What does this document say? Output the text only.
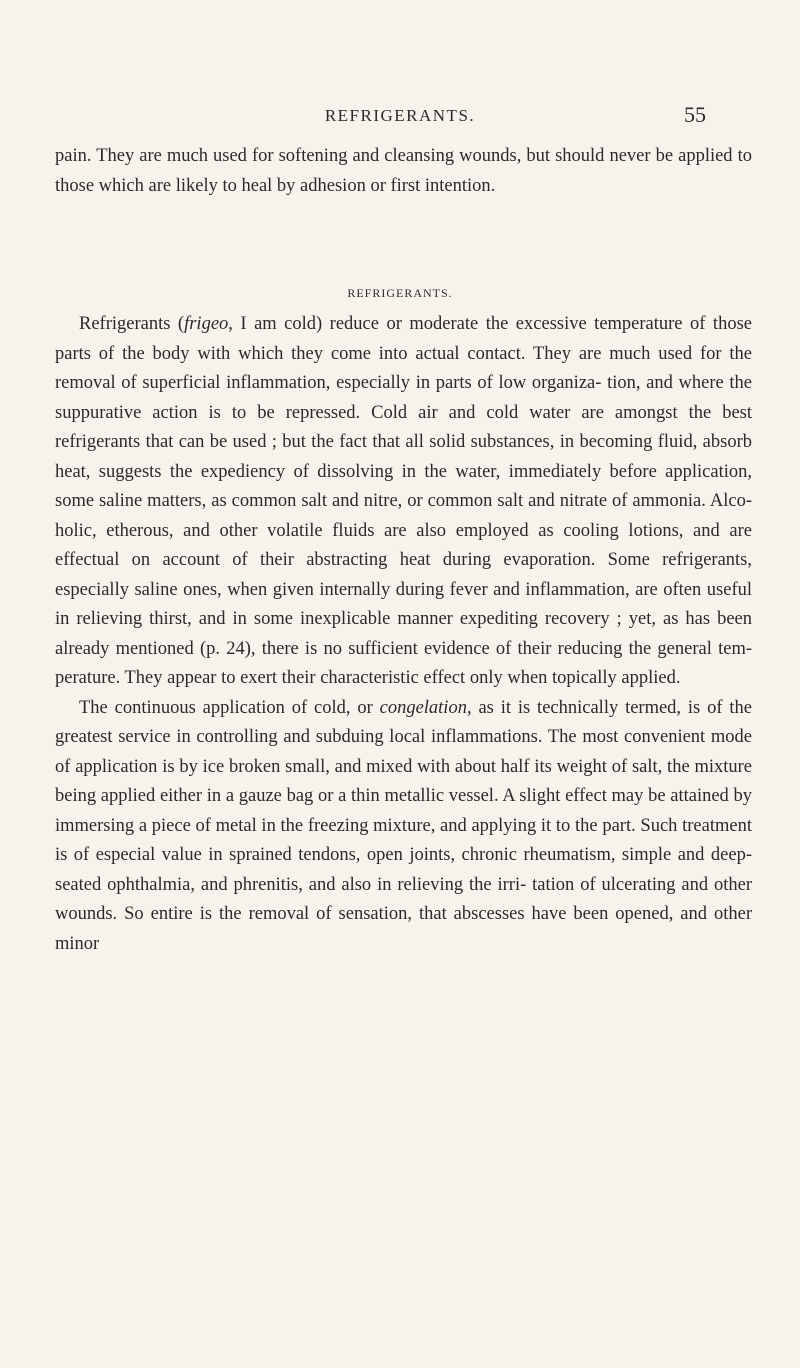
REFRIGERANTS.	55

pain. They are much used for softening and cleansing wounds, but should never be applied to those which are likely to heal by adhesion or first intention.

REFRIGERANTS.

Refrigerants (frigeo, I am cold) reduce or moderate the excessive temperature of those parts of the body with which they come into actual contact. They are much used for the removal of superficial inflammation, especially in parts of low organiza- tion, and where the suppurative action is to be repressed. Cold air and cold water are amongst the best refrigerants that can be used ; but the fact that all solid substances, in becoming fluid, absorb heat, suggests the expediency of dissolving in the water, immediately before application, some saline matters, as common salt and nitre, or common salt and nitrate of ammonia. Alco- holic, etherous, and other volatile fluids are also employed as cooling lotions, and are effectual on account of their abstracting heat during evaporation. Some refrigerants, especially saline ones, when given internally during fever and inflammation, are often useful in relieving thirst, and in some inexplicable manner expediting recovery ; yet, as has been already mentioned (p. 24), there is no sufficient evidence of their reducing the general tem- perature. They appear to exert their characteristic effect only when topically applied.

The continuous application of cold, or congelation, as it is technically termed, is of the greatest service in controlling and subduing local inflammations. The most convenient mode of application is by ice broken small, and mixed with about half its weight of salt, the mixture being applied either in a gauze bag or a thin metallic vessel. A slight effect may be attained by immersing a piece of metal in the freezing mixture, and applying it to the part. Such treatment is of especial value in sprained tendons, open joints, chronic rheumatism, simple and deep-seated ophthalmia, and phrenitis, and also in relieving the irri- tation of ulcerating and other wounds. So entire is the removal of sensation, that abscesses have been opened, and other minor
